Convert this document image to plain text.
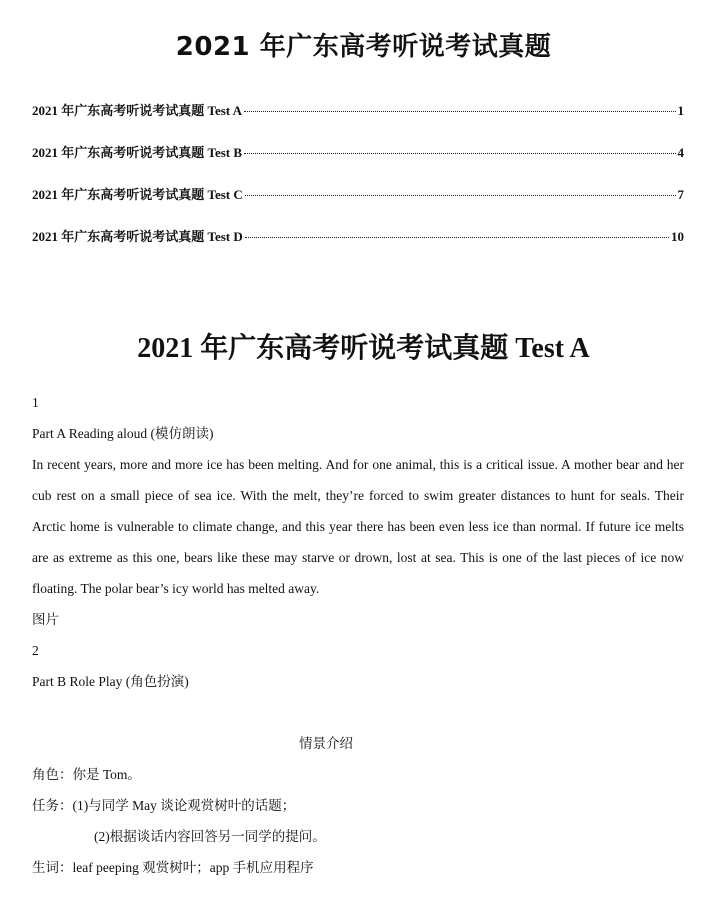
2021 年广东高考听说考试真题
2021 年广东高考听说考试真题 Test A	1
2021 年广东高考听说考试真题 Test B	4
2021 年广东高考听说考试真题 Test C	7
2021 年广东高考听说考试真题 Test D	10
2021 年广东高考听说考试真题 Test A

1

Part A Reading aloud (模仿朗读)

In recent years, more and more ice has been melting. And for one animal, this is a critical issue. A mother bear and her cub rest on a small piece of sea ice. With the melt, they’re forced to swim greater distances to hunt for seals. Their Arctic home is vulnerable to climate change, and this year there has been even less ice than normal. If future ice melts are as extreme as this one, bears like these may starve or drown, lost at sea. This is one of the last pieces of ice now floating. The polar bear’s icy world has melted away.

图片

2

Part B Role Play (角色扮演)

情景介绍

角色：你是 Tom。

任务：(1)与同学 May 谈论观赏树叶的话题；

(2)根据谈话内容回答另一同学的提问。

生词：leaf peeping 观赏树叶；app 手机应用程序
